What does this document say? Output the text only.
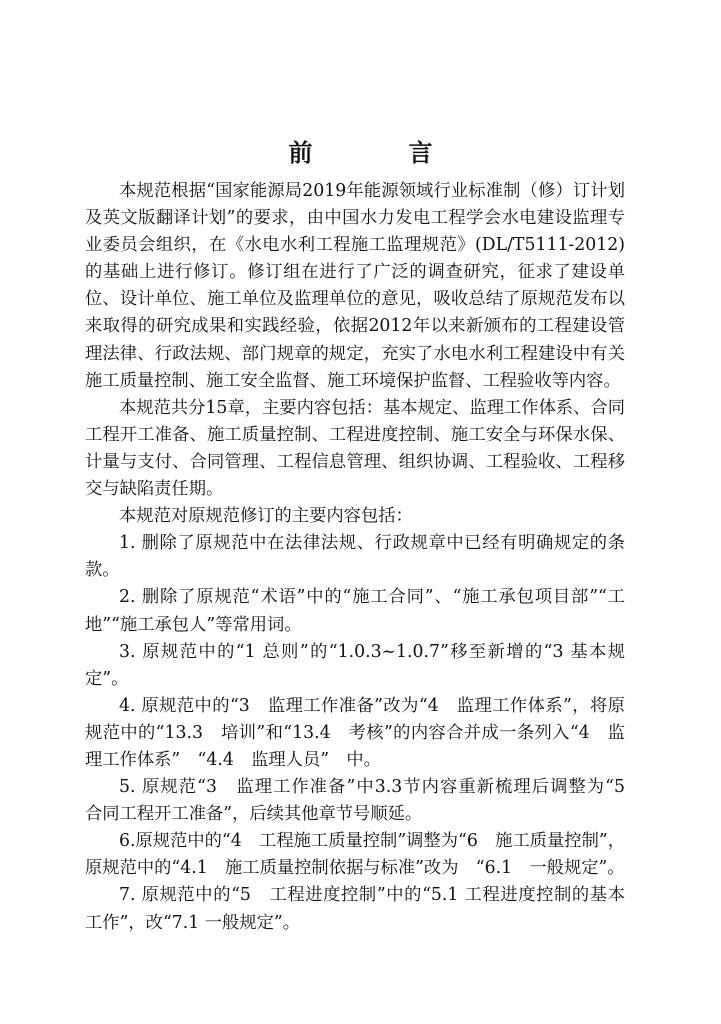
前　言

本规范根据“国家能源局2019年能源领域行业标准制（修）订计划及英文版翻译计划”的要求，由中国水力发电工程学会水电建设监理专业委员会组织，在《水电水利工程施工监理规范》(DL/T5111-2012)的基础上进行修订。修订组在进行了广泛的调查研究，征求了建设单位、设计单位、施工单位及监理单位的意见，吸收总结了原规范发布以来取得的研究成果和实践经验，依据2012年以来新颁布的工程建设管理法律、行政法规、部门规章的规定，充实了水电水利工程建设中有关施工质量控制、施工安全监督、施工环境保护监督、工程验收等内容。

本规范共分15章，主要内容包括：基本规定、监理工作体系、合同工程开工准备、施工质量控制、工程进度控制、施工安全与环保水保、计量与支付、合同管理、工程信息管理、组织协调、工程验收、工程移交与缺陷责任期。

本规范对原规范修订的主要内容包括：

1. 删除了原规范中在法律法规、行政规章中已经有明确规定的条款。

2. 删除了原规范“术语”中的“施工合同”、“施工承包项目部”“工地”“施工承包人”等常用词。

3. 原规范中的“1 总则”的“1.0.3~1.0.7”移至新增的“3 基本规定”。

4. 原规范中的“3　监理工作准备”改为“4　监理工作体系”，将原规范中的“13.3　培训”和“13.4　考核”的内容合并成一条列入“4　监理工作体系”　“4.4　监理人员”　中。

5. 原规范“3　监理工作准备”中3.3节内容重新梳理后调整为“5　合同工程开工准备”，后续其他章节号顺延。

6.原规范中的“4　工程施工质量控制”调整为“6　施工质量控制”，原规范中的“4.1　施工质量控制依据与标准”改为　“6.1　一般规定”。

7. 原规范中的“5　工程进度控制”中的“5.1 工程进度控制的基本工作”，改“7.1 一般规定”。
